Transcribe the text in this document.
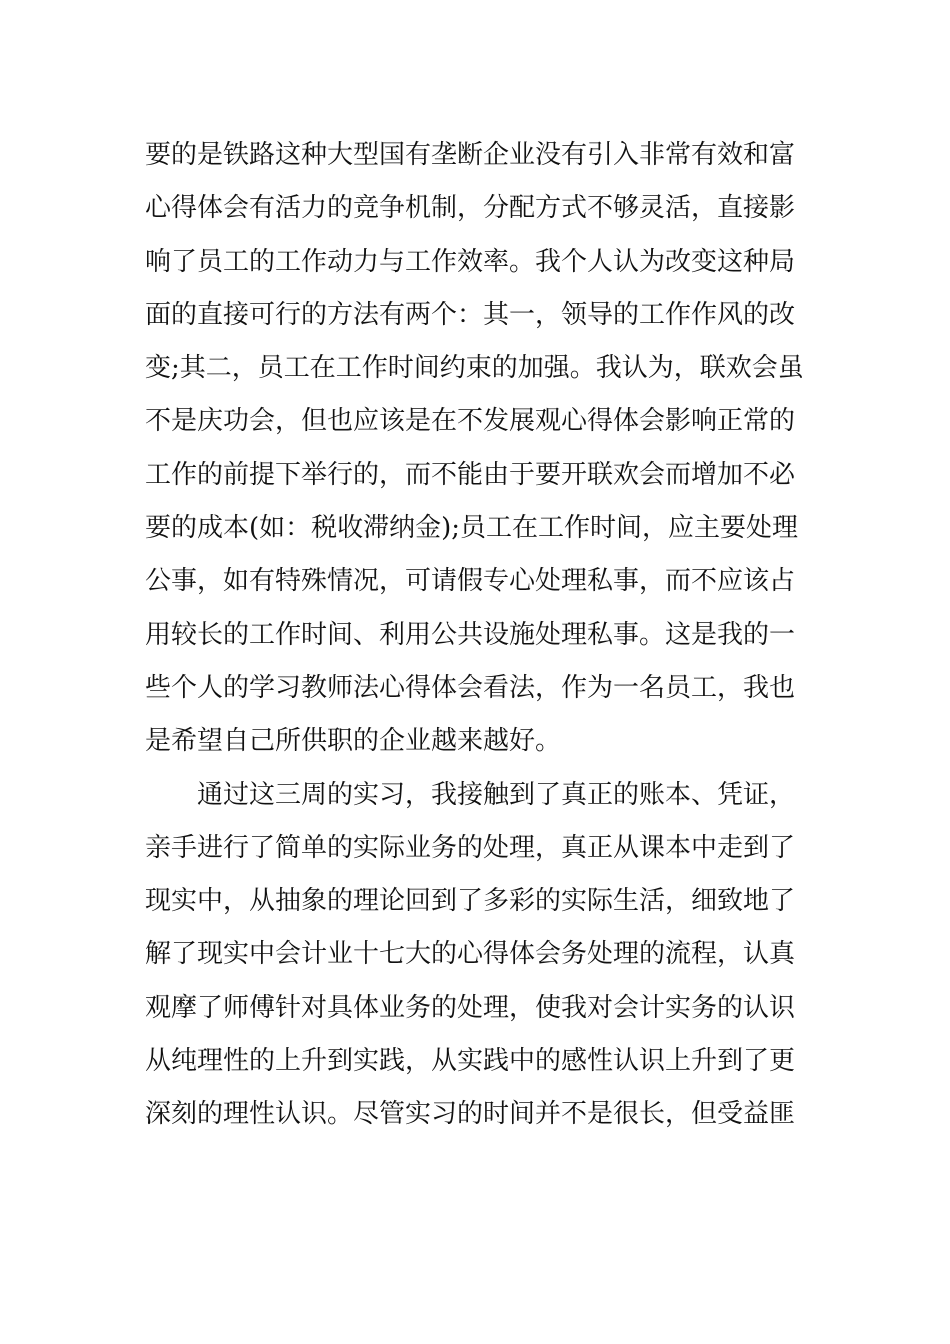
要的是铁路这种大型国有垄断企业没有引入非常有效和富
心得体会有活力的竞争机制，分配方式不够灵活，直接影
响了员工的工作动力与工作效率。我个人认为改变这种局
面的直接可行的方法有两个：其一，领导的工作作风的改
变;其二，员工在工作时间约束的加强。我认为，联欢会虽
不是庆功会，但也应该是在不发展观心得体会影响正常的
工作的前提下举行的，而不能由于要开联欢会而增加不必
要的成本(如：税收滞纳金);员工在工作时间，应主要处理
公事，如有特殊情况，可请假专心处理私事，而不应该占
用较长的工作时间、利用公共设施处理私事。这是我的一
些个人的学习教师法心得体会看法，作为一名员工，我也
是希望自己所供职的企业越来越好。
通过这三周的实习，我接触到了真正的账本、凭证，
亲手进行了简单的实际业务的处理，真正从课本中走到了
现实中，从抽象的理论回到了多彩的实际生活，细致地了
解了现实中会计业十七大的心得体会务处理的流程，认真
观摩了师傅针对具体业务的处理，使我对会计实务的认识
从纯理性的上升到实践，从实践中的感性认识上升到了更
深刻的理性认识。尽管实习的时间并不是很长，但受益匪
